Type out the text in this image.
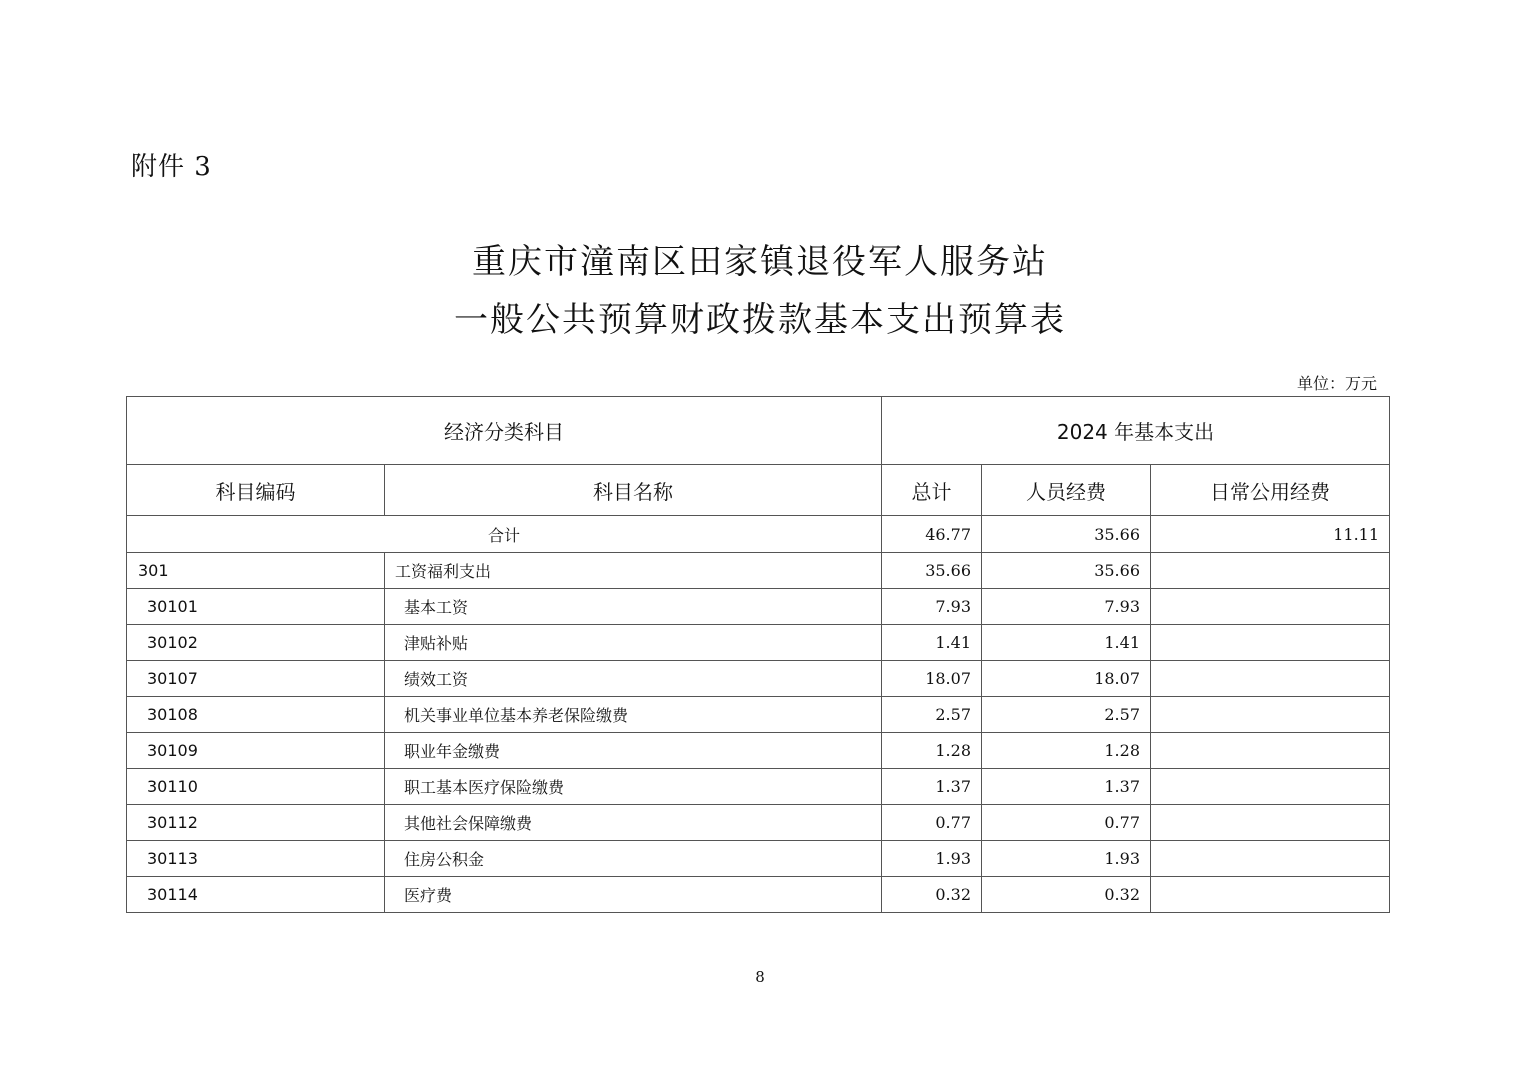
附件 3
重庆市潼南区田家镇退役军人服务站
一般公共预算财政拨款基本支出预算表
单位：万元
经济分类科目		2024 年基本支出		
科目编码	科目名称	总计	人员经费	日常公用经费
合计		46.77	35.66	11.11
301	工资福利支出	35.66	35.66	
30101	基本工资	7.93	7.93	
30102	津贴补贴	1.41	1.41	
30107	绩效工资	18.07	18.07	
30108	机关事业单位基本养老保险缴费	2.57	2.57	
30109	职业年金缴费	1.28	1.28	
30110	职工基本医疗保险缴费	1.37	1.37	
30112	其他社会保障缴费	0.77	0.77	
30113	住房公积金	1.93	1.93	
30114	医疗费	0.32	0.32	
8
